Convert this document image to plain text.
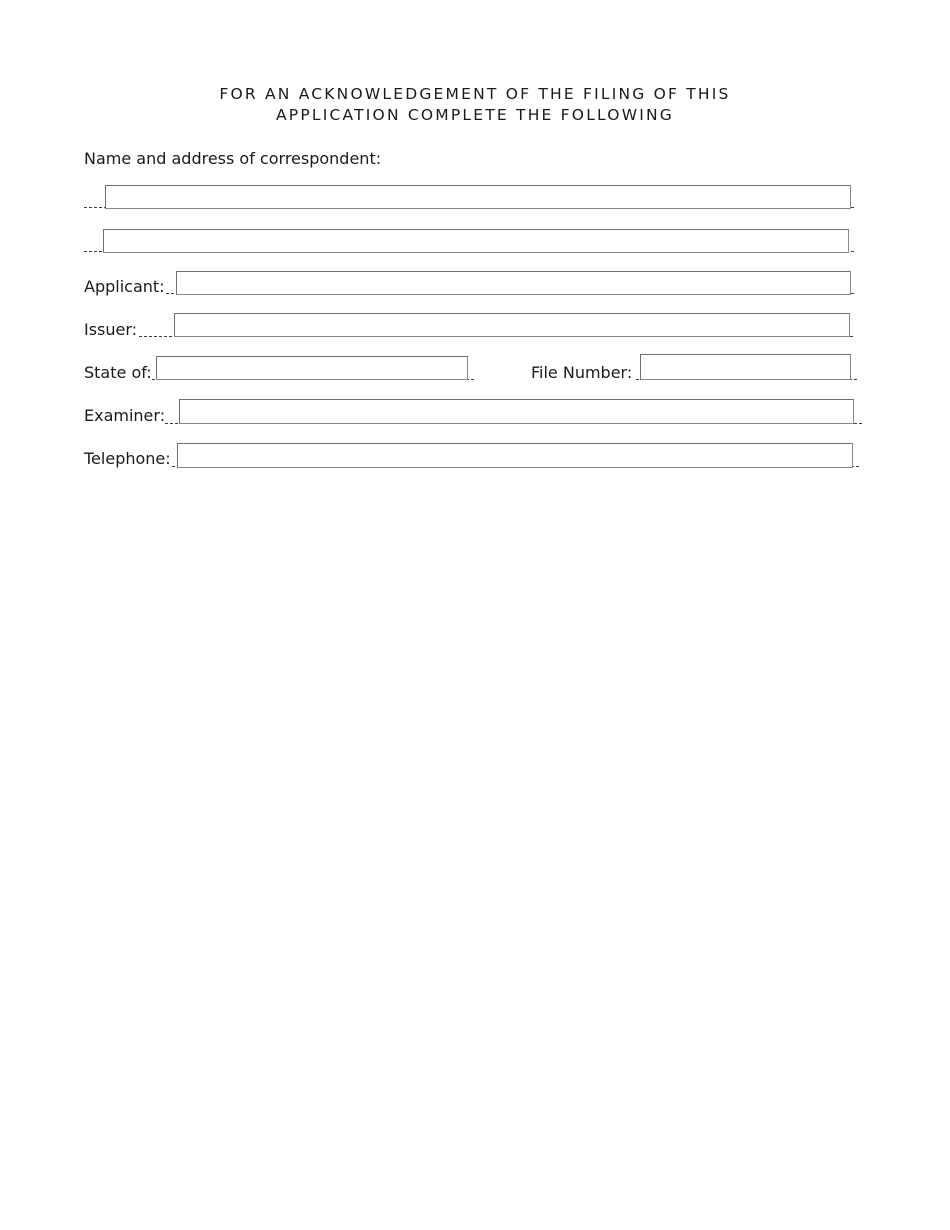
FOR AN ACKNOWLEDGEMENT OF THE FILING OF THIS
APPLICATION COMPLETE THE FOLLOWING
Name and address of correspondent:
Applicant:
Issuer:
State of:	File Number:
Examiner:
Telephone:
